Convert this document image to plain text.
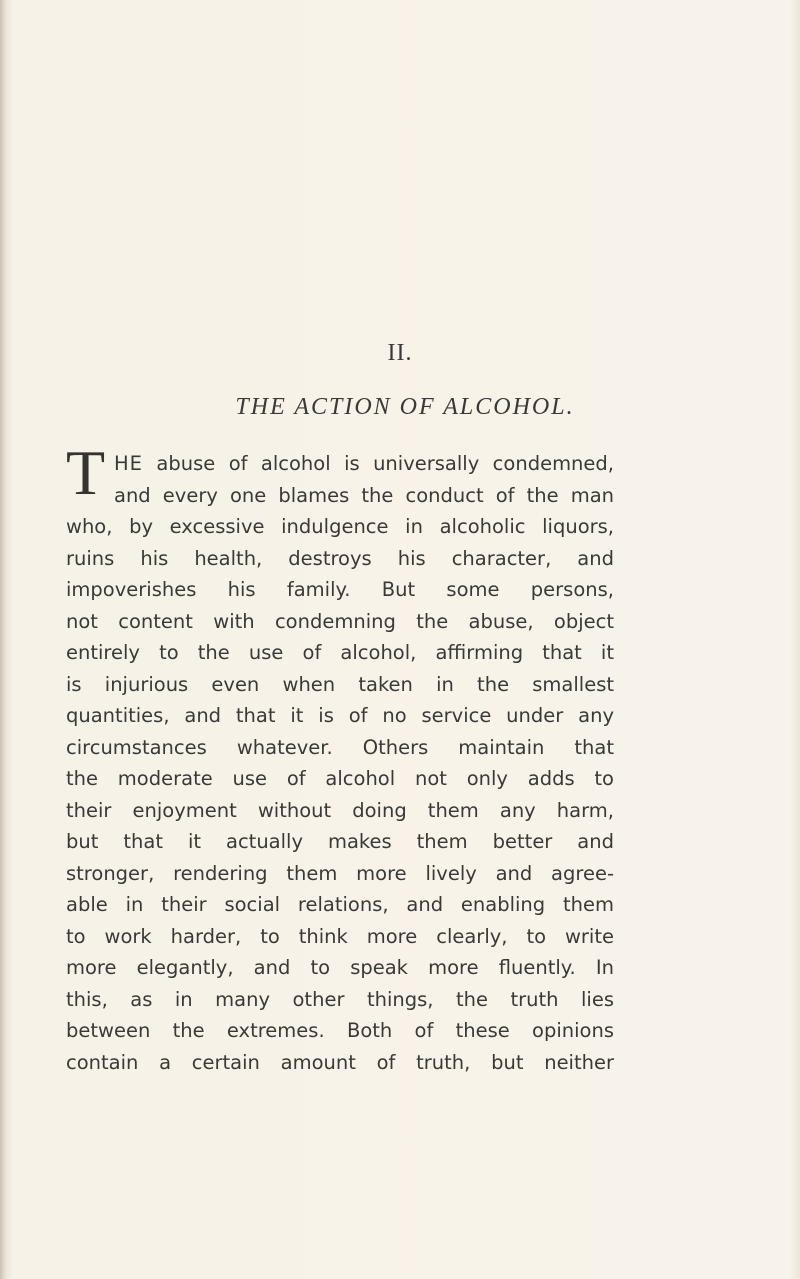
II.
THE ACTION OF ALCOHOL.
T HE abuse of alcohol is universally condemned,
and every one blames the conduct of the man
who, by excessive indulgence in alcoholic liquors,
ruins his health, destroys his character, and
impoverishes his family. But some persons,
not content with condemning the abuse, object
entirely to the use of alcohol, affirming that it
is injurious even when taken in the smallest
quantities, and that it is of no service under any
circumstances whatever. Others maintain that
the moderate use of alcohol not only adds to
their enjoyment without doing them any harm,
but that it actually makes them better and
stronger, rendering them more lively and agree-
able in their social relations, and enabling them
to work harder, to think more clearly, to write
more elegantly, and to speak more fluently. In
this, as in many other things, the truth lies
between the extremes. Both of these opinions
contain a certain amount of truth, but neither
